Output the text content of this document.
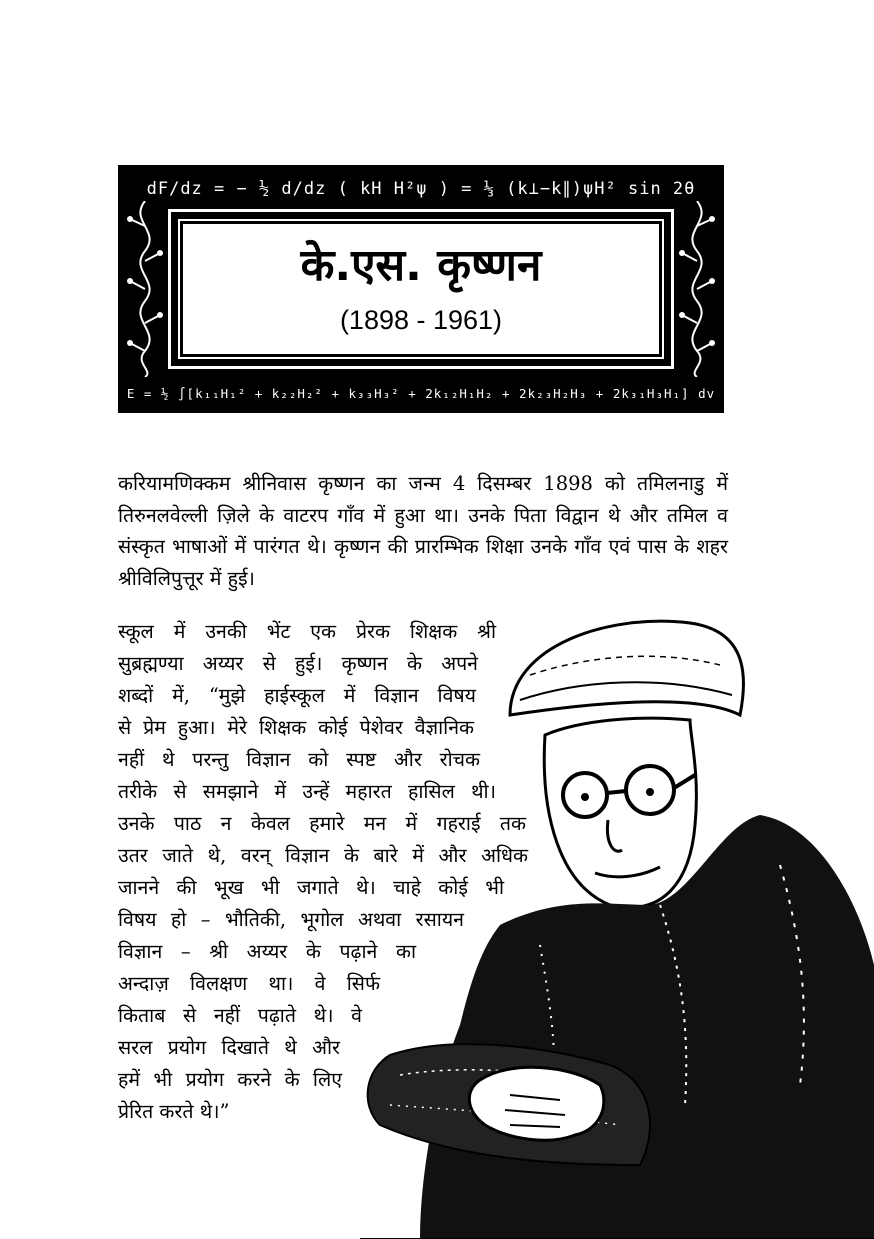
dF/dz = − ½ d/dz ( kH H²ψ ) = ⅓ (k⊥−k∥)ψH² sin 2θ
के.एस. कृष्णन
(1898 - 1961)
E = ½ ∫[k₁₁H₁² + k₂₂H₂² + k₃₃H₃² + 2k₁₂H₁H₂ + 2k₂₃H₂H₃ + 2k₃₁H₃H₁] dv

करियामणिक्कम श्रीनिवास कृष्णन का जन्म 4 दिसम्बर 1898 को तमिलनाडु में तिरुनलवेल्ली ज़िले के वाटरप गाँव में हुआ था। उनके पिता विद्वान थे और तमिल व संस्कृत भाषाओं में पारंगत थे। कृष्णन की प्रारम्भिक शिक्षा उनके गाँव एवं पास के शहर श्रीविलिपुत्तूर में हुई।

स्कूल में उनकी भेंट एक प्रेरक शिक्षक श्री

सुब्रह्मण्या अय्यर से हुई। कृष्णन के अपने

शब्दों में, “मुझे हाईस्कूल में विज्ञान विषय

से प्रेम हुआ। मेरे शिक्षक कोई पेशेवर वैज्ञानिक

नहीं थे परन्तु विज्ञान को स्पष्ट और रोचक

तरीके से समझाने में उन्हें महारत हासिल थी।

उनके पाठ न केवल हमारे मन में गहराई तक

उतर जाते थे, वरन् विज्ञान के बारे में और अधिक

जानने की भूख भी जगाते थे। चाहे कोई भी

विषय हो – भौतिकी, भूगोल अथवा रसायन

विज्ञान – श्री अय्यर के पढ़ाने का

अन्दाज़ विलक्षण था। वे सिर्फ

किताब से नहीं पढ़ाते थे। वे

सरल प्रयोग दिखाते थे और

हमें भी प्रयोग करने के लिए

प्रेरित करते थे।”
